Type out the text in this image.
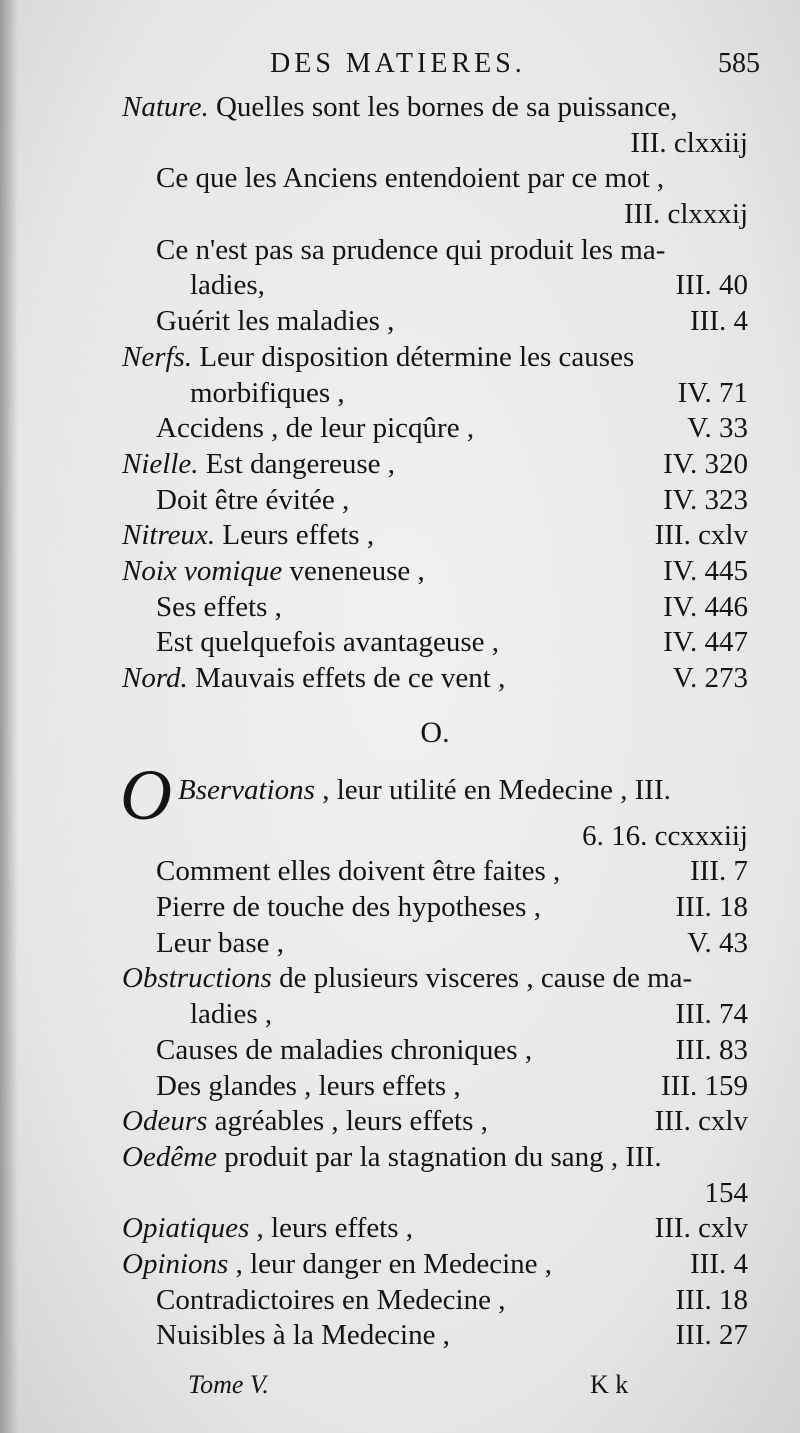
DES MATIERES.	585
Nature. Quelles sont les bornes de sa puissance,
III. clxxiij
Ce que les Anciens entendoient par ce mot ,
III. clxxxij
Ce n'est pas sa prudence qui produit les ma-
ladies,	III. 40
Guérit les maladies ,	III. 4
Nerfs. Leur disposition détermine les causes
morbifiques ,	IV. 71
Accidens , de leur picqûre ,	V. 33
Nielle. Est dangereuse ,	IV. 320
Doit être évitée ,	IV. 323
Nitreux. Leurs effets ,	III. cxlv
Noix vomique veneneuse ,	IV. 445
Ses effets ,	IV. 446
Est quelquefois avantageuse ,	IV. 447
Nord. Mauvais effets de ce vent ,	V. 273
O.
O Bservations , leur utilité en Medecine , III.
6. 16. ccxxxiij
Comment elles doivent être faites ,	III. 7
Pierre de touche des hypotheses ,	III. 18
Leur base ,	V. 43
Obstructions de plusieurs visceres , cause de ma-
ladies ,	III. 74
Causes de maladies chroniques ,	III. 83
Des glandes , leurs effets ,	III. 159
Odeurs agréables , leurs effets ,	III. cxlv
Oedême produit par la stagnation du sang , III.
154
Opiatiques , leurs effets ,	III. cxlv
Opinions , leur danger en Medecine ,	III. 4
Contradictoires en Medecine ,	III. 18
Nuisibles à la Medecine ,	III. 27
Tome V.	K k
